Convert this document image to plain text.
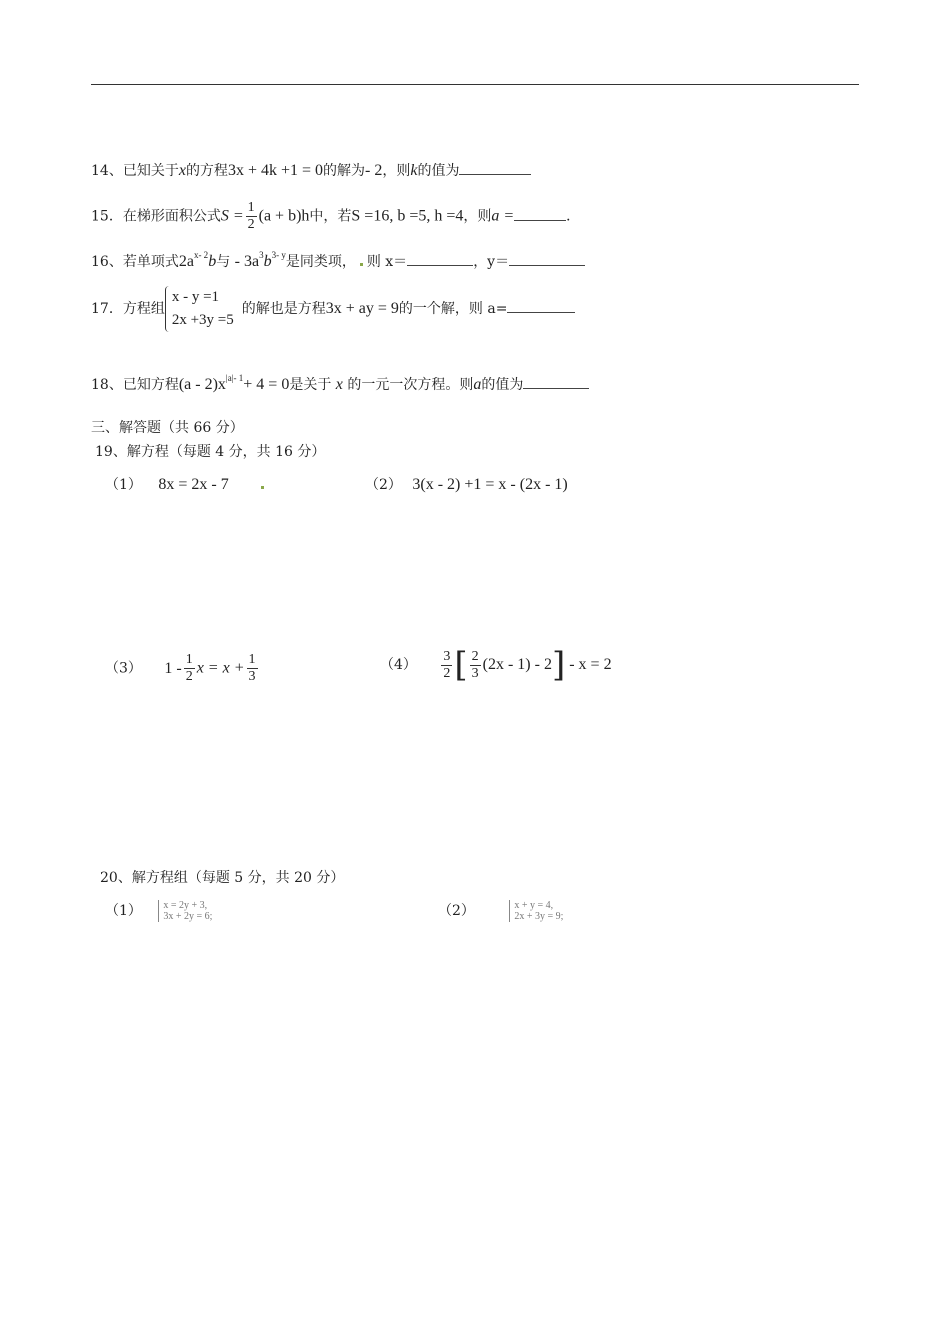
14、已知关于x的方程3x + 4k +1 = 0的解为- 2，则k的值为
15．在梯形面积公式$S = \frac{1}{2} (a + b)h$中，若S =16, b =5, h =4，则a =	．
16、若单项式$2a^{x- 2}b$与 - $3a^3b^{3- y}$是同类项， 则 x＝	，y＝
17．方程组
x - y =1
2x +3y =5
的解也是方程3x + ay = 9的一个解，则 a=
18、已知方程$(a - 2)x^{|a|- 1}+ 4 = 0$是关于 x 的一元一次方程。则a的值为
三、解答题（共 66 分）
19、解方程（每题 4 分，共 16 分）
（1） 8x = 2x - 7	（2） 3(x - 2) +1 = x - (2x - 1)
（3） $1 - \frac{1}{2}$ $x = x + \frac{1}{3}$	$(4) \frac{3}{2}$ [ $\frac{2}{3} (2x - 1) - 2] - x = 2$
20、解方程组（每题 5 分，共 20 分）
（1） x = 2y + 3,
3x + 2y = 6;	（2）	x + y = 4,
2x + 3y = 9;
